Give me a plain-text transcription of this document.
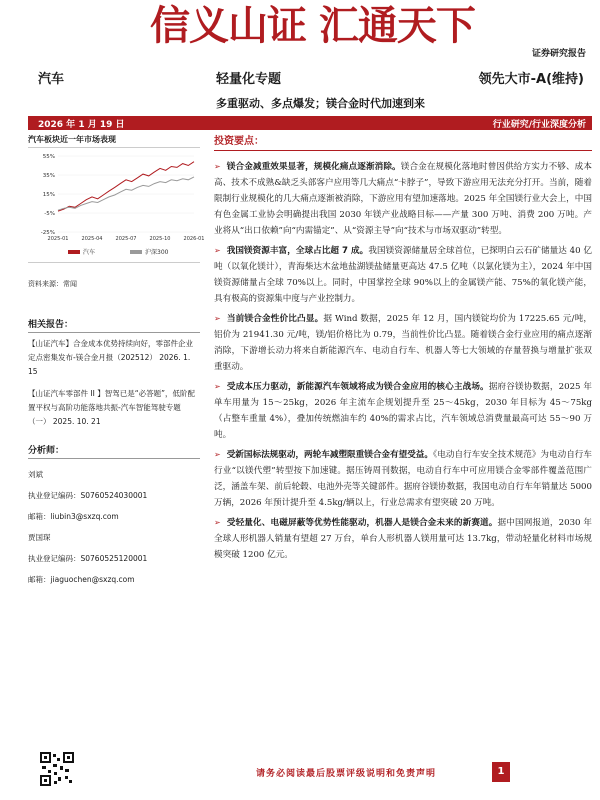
信义山证 汇通天下
证券研究报告
汽车	轻量化专题	领先大市-A(维持)
多重驱动、多点爆发；镁合金时代加速到来
2026 年 1 月 19 日	行业研究/行业深度分析
汽车板块近一年市场表现
-25%
-5%
15%
35%
55%
2025-01	2025-04	2025-07	2025-10	2026-01
汽车	沪深300
资料来源：常闻
相关报告：
【山证汽车】合金成本优势持续向好，零部件企业定点密集发布-镁合金月报（202512） 2026. 1. 15
【山证汽车零部件 II 】智驾已是“必答题”，低阶配置平权与高阶功能落地共振-汽车智能驾驶专题（一） 2025. 10. 21
分析师：
刘斌
执业登记编码：S0760524030001
邮箱：liubin3@sxzq.com
贾国琛
执业登记编码：S0760525120001
邮箱：jiaguochen@sxzq.com
投资要点：
➢ 镁合金减重效果显著，规模化痛点逐渐消除。镁合金在规模化落地时曾因供给方实力不够、成本高、技术不成熟&缺乏头部客户应用等几大痛点“卡脖子”，导致下游应用无法充分打开。当前，随着限制行业规模化的几大痛点逐渐被消除，下游应用有望加速落地。2025 年全国镁行业大会上，中国有色金属工业协会明确提出我国 2030 年镁产业战略目标——产量 300 万吨、消费 200 万吨。产业将从“出口依赖”向“内需锚定”、从“资源主导”向“技术与市场双驱动”转型。
➢ 我国镁资源丰富，全球占比超 7 成。我国镁资源储量居全球首位，已探明白云石矿储量达 40 亿吨（以氧化镁计），青海柴达木盆地盐湖镁盐储量更高达 47.5 亿吨（以氯化镁为主），2024 年中国镁资源储量占全球 70%以上。同时，中国掌控全球 90%以上的金属镁产能、75%的氧化镁产能，具有极高的资源集中度与产业控制力。
➢ 当前镁合金性价比凸显。据 Wind 数据，2025 年 12 月，国内镁锭均价为 17225.65 元/吨，铝价为 21941.30 元/吨，镁/铝价格比为 0.79，当前性价比凸显。随着镁合金行业应用的痛点逐渐消除，下游增长动力将来自新能源汽车、电动自行车、机器人等七大领域的存量替换与增量扩张双重驱动。
➢ 受成本压力驱动，新能源汽车领域将成为镁合金应用的核心主战场。据府谷镁协数据，2025 年单车用量为 15～25kg，2026 年主流车企规划提升至 25～45kg，2030 年目标为 45～75kg（占整车重量 4%），叠加传统燃油车约 40%的需求占比，汽车领域总消费量最高可达 55～90 万吨。
➢ 受新国标法规驱动，两轮车减塑限重镁合金有望受益。《电动自行车安全技术规范》为电动自行车行业“以镁代塑”转型按下加速键。据压铸周刊数据，电动自行车中可应用镁合金零部件覆盖范围广泛，涵盖车架、前后轮毂、电池外壳等关键部件。据府谷镁协数据，我国电动自行车年销量达 5000 万辆，2026 年预计提升至 4.5kg/辆以上，行业总需求有望突破 20 万吨。
➢ 受轻量化、电磁屏蔽等优势性能驱动，机器人是镁合金未来的新赛道。据中国网报道，2030 年全球人形机器人销量有望超 27 万台，单台人形机器人镁用量可达 13.7kg，带动轻量化材料市场规模突破 1200 亿元。
请务必阅读最后股票评级说明和免责声明	1
